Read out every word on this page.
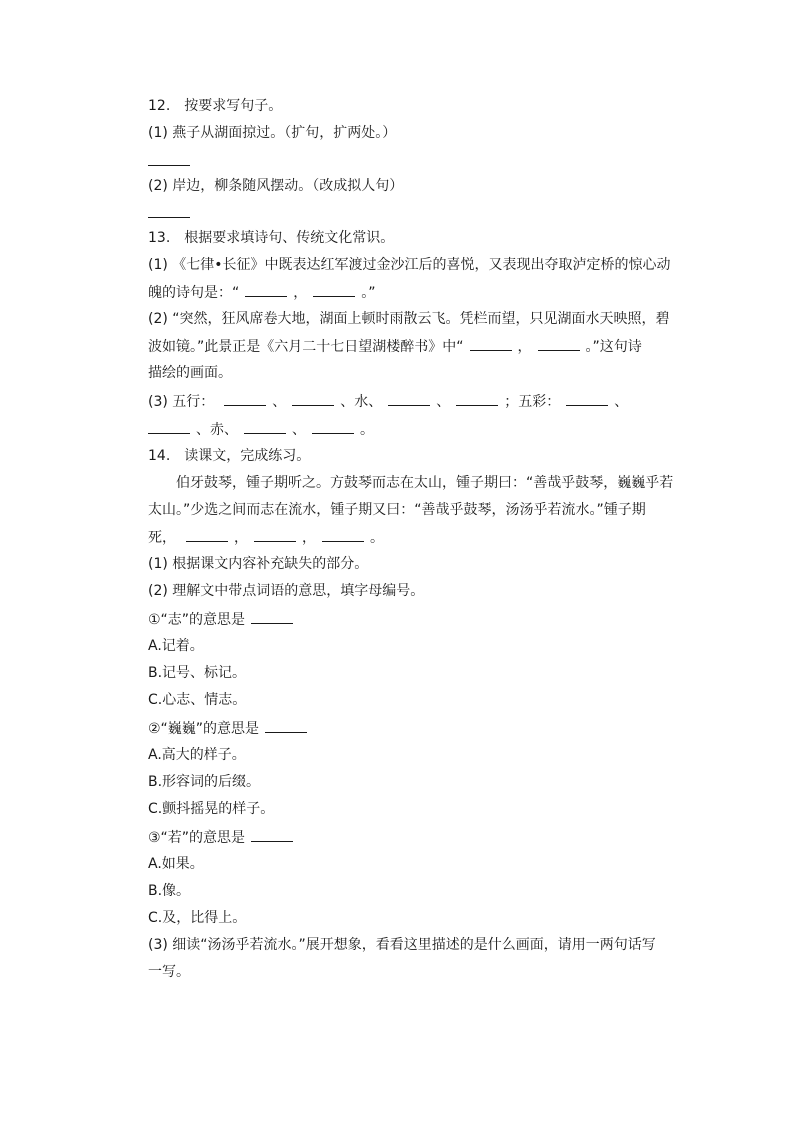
12.　按要求写句子。
(1) 燕子从湖面掠过。（扩句，扩两处。）
(2) 岸边，柳条随风摆动。（改成拟人句）
13.　根据要求填诗句、传统文化常识。
(1) 《七律•长征》中既表达红军渡过金沙江后的喜悦，又表现出夺取泸定桥的惊心动
魄的诗句是：“	，	。”
(2) “突然，狂风席卷大地，湖面上顿时雨散云飞。凭栏而望，只见湖面水天映照，碧
波如镜。”此景正是《六月二十七日望湖楼醉书》中“	，	。”这句诗
描绘的画面。
(3) 五行：	、	、水、	、	；五彩：	、
、赤、	、	。
14.　读课文，完成练习。
伯牙鼓琴，锺子期听之。方鼓琴而志在太山，锺子期曰：“善哉乎鼓琴，巍巍乎若
太山。”少选之间而志在流水，锺子期又曰：“善哉乎鼓琴，汤汤乎若流水。”锺子期
死，	，	，	。
(1) 根据课文内容补充缺失的部分。
(2) 理解文中带点词语的意思，填字母编号。
①“志”的意思是
A.记着。
B.记号、标记。
C.心志、情志。
②“巍巍”的意思是
A.高大的样子。
B.形容词的后缀。
C.颤抖摇晃的样子。
③“若”的意思是
A.如果。
B.像。
C.及，比得上。
(3) 细读“汤汤乎若流水。”展开想象，看看这里描述的是什么画面，请用一两句话写
一写。
